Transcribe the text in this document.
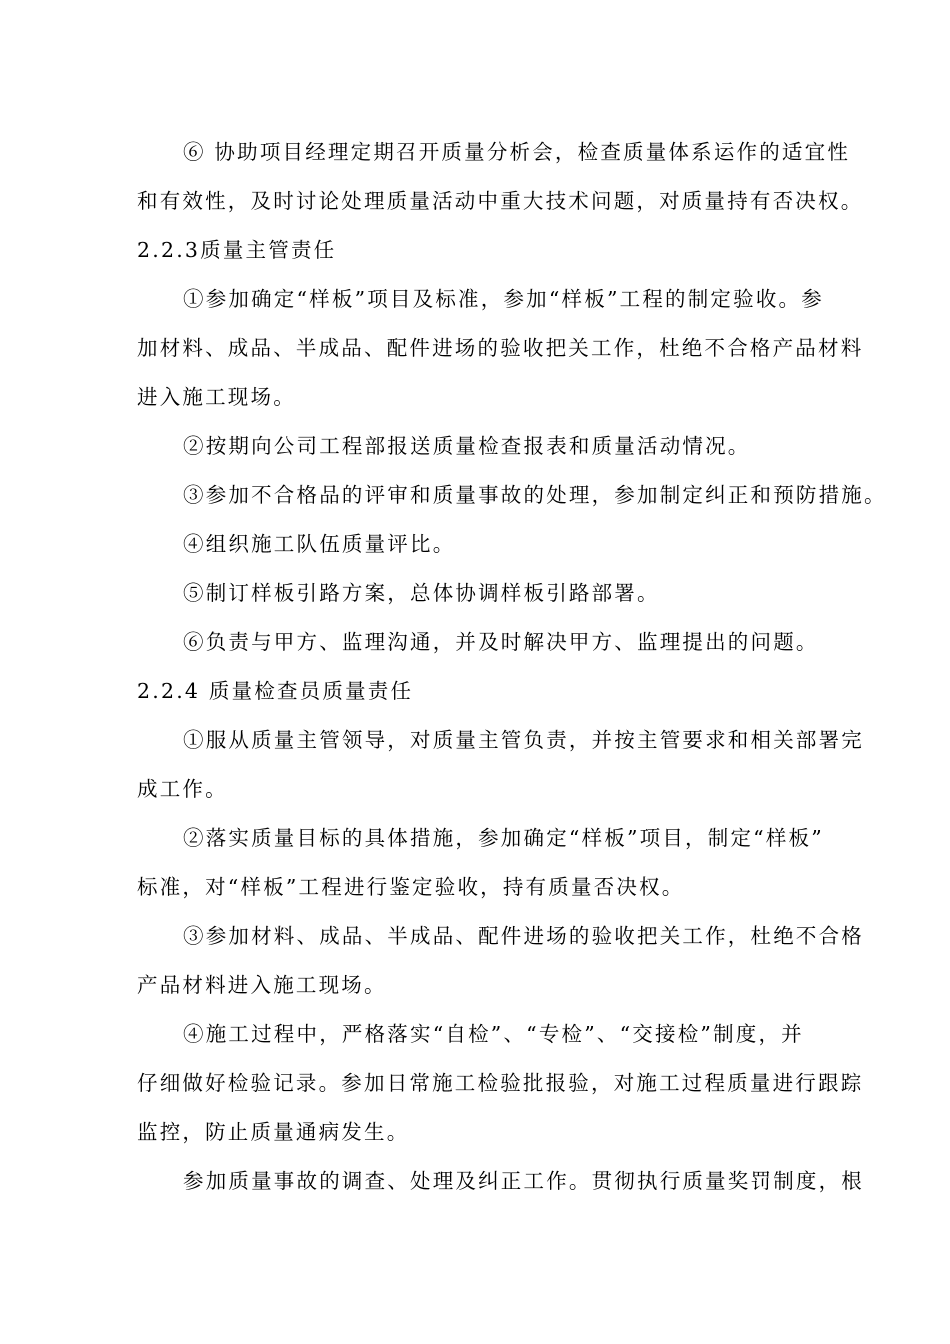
⑥ 协助项目经理定期召开质量分析会，检查质量体系运作的适宜性
和有效性，及时讨论处理质量活动中重大技术问题，对质量持有否决权。
2.2.3质量主管责任
①参加确定“样板”项目及标准，参加“样板”工程的制定验收。参
加材料、成品、半成品、配件进场的验收把关工作，杜绝不合格产品材料
进入施工现场。
②按期向公司工程部报送质量检查报表和质量活动情况。
③参加不合格品的评审和质量事故的处理，参加制定纠正和预防措施。
④组织施工队伍质量评比。
⑤制订样板引路方案，总体协调样板引路部署。
⑥负责与甲方、监理沟通，并及时解决甲方、监理提出的问题。
2.2.4 质量检查员质量责任
①服从质量主管领导，对质量主管负责，并按主管要求和相关部署完
成工作。
②落实质量目标的具体措施，参加确定“样板”项目，制定“样板”
标准，对“样板”工程进行鉴定验收，持有质量否决权。
③参加材料、成品、半成品、配件进场的验收把关工作，杜绝不合格
产品材料进入施工现场。
④施工过程中，严格落实“自检”、“专检”、“交接检”制度，并
仔细做好检验记录。参加日常施工检验批报验，对施工过程质量进行跟踪
监控，防止质量通病发生。
参加质量事故的调查、处理及纠正工作。贯彻执行质量奖罚制度，根
